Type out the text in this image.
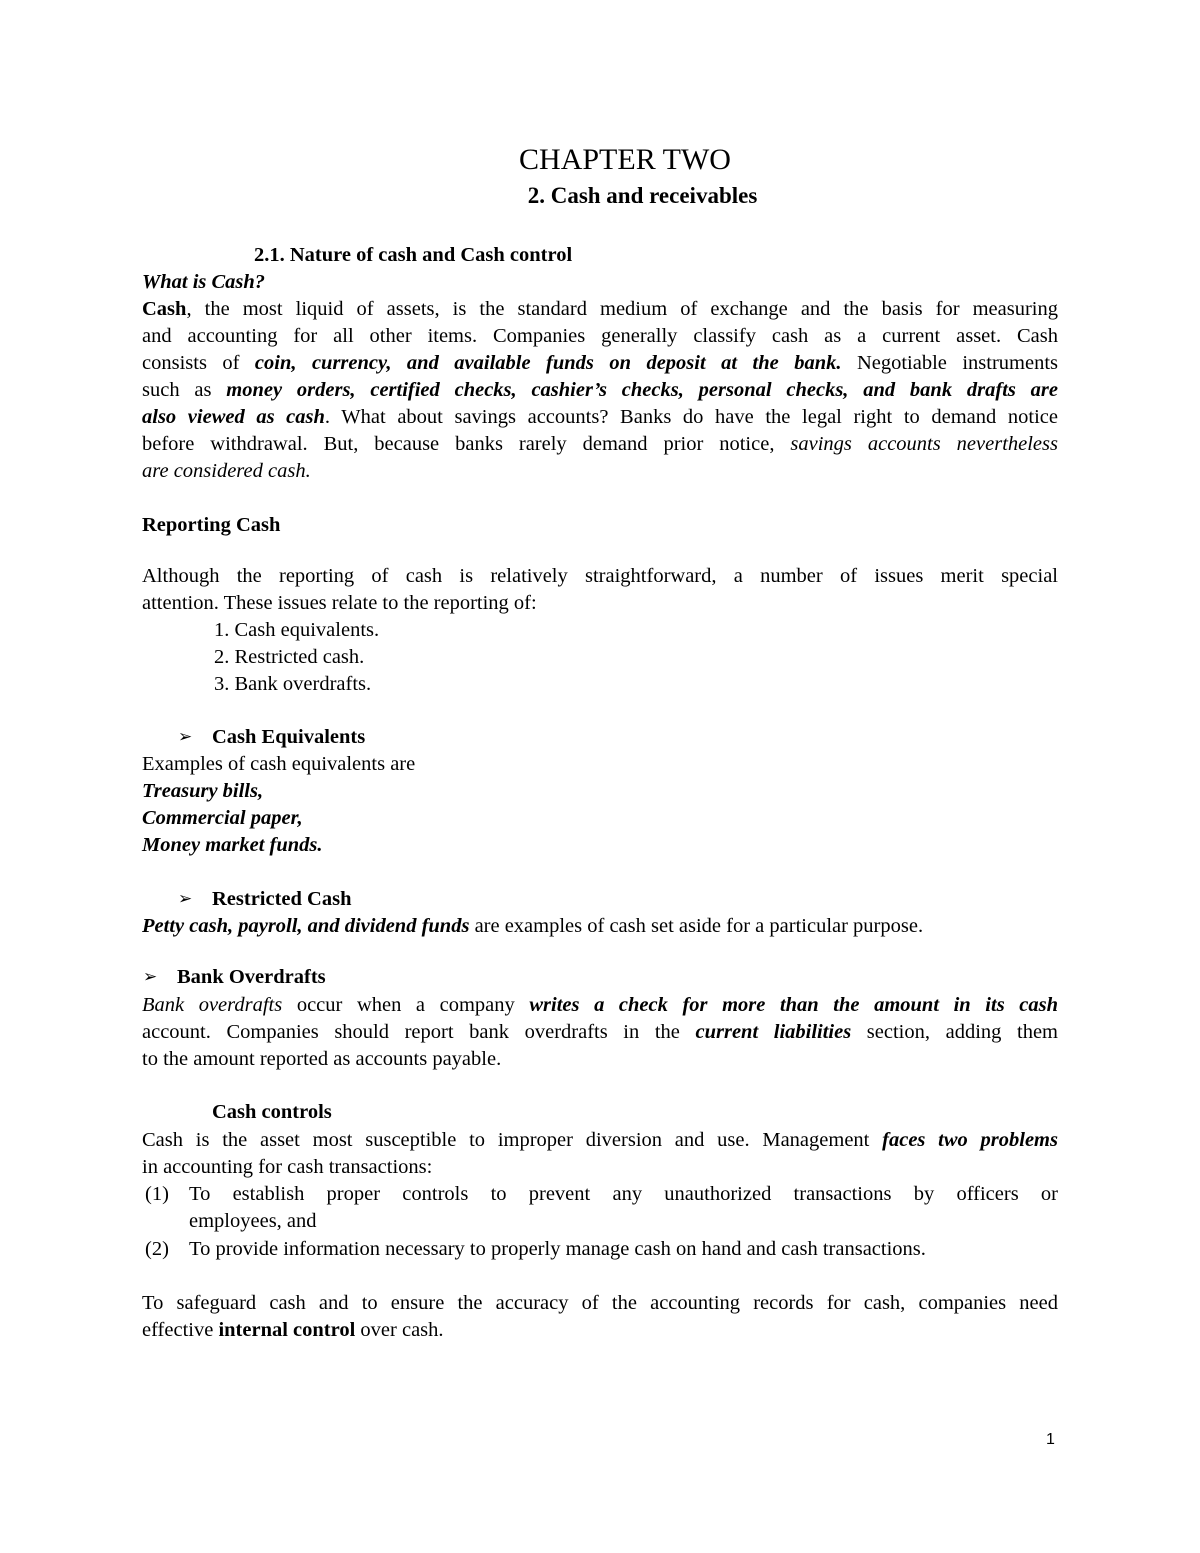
CHAPTER TWO
2. Cash and receivables
2.1. Nature of cash and Cash control
What is Cash?
Cash, the most liquid of assets, is the standard medium of exchange and the basis for measuring
and accounting for all other items. Companies generally classify cash as a current asset. Cash
consists of coin, currency, and available funds on deposit at the bank. Negotiable instruments
such as money orders, certified checks, cashier’s checks, personal checks, and bank drafts are
also viewed as cash. What about savings accounts? Banks do have the legal right to demand notice
before withdrawal. But, because banks rarely demand prior notice, savings accounts nevertheless
are considered cash.
Reporting Cash
Although the reporting of cash is relatively straightforward, a number of issues merit special
attention. These issues relate to the reporting of:
1. Cash equivalents.
2. Restricted cash.
3. Bank overdrafts.
➢ Cash Equivalents
Examples of cash equivalents are
Treasury bills,
Commercial paper,
Money market funds.
➢ Restricted Cash
Petty cash, payroll, and dividend funds are examples of cash set aside for a particular purpose.
➢ Bank Overdrafts
Bank overdrafts occur when a company writes a check for more than the amount in its cash
account. Companies should report bank overdrafts in the current liabilities section, adding them
to the amount reported as accounts payable.
Cash controls
Cash is the asset most susceptible to improper diversion and use. Management faces two problems
in accounting for cash transactions:
(1) To establish proper controls to prevent any unauthorized transactions by officers or
employees, and
(2) To provide information necessary to properly manage cash on hand and cash transactions.
To safeguard cash and to ensure the accuracy of the accounting records for cash, companies need
effective internal control over cash.
1
